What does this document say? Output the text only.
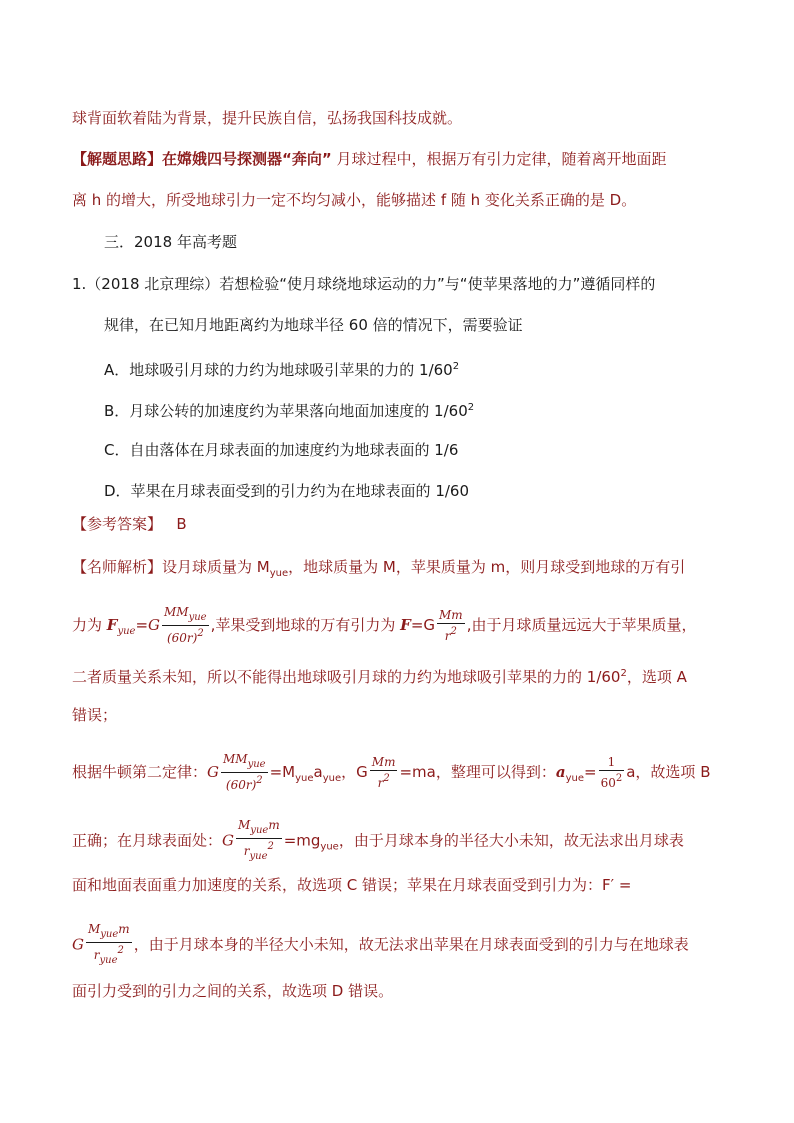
球背面软着陆为背景，提升民族自信，弘扬我国科技成就。
【解题思路】在嫦娥四号探测器“奔向” 月球过程中，根据万有引力定律，随着离开地面距
离 h 的增大，所受地球引力一定不均匀减小，能够描述 f 随 h 变化关系正确的是 D。
三．2018 年高考题
1.（2018 北京理综）若想检验“使月球绕地球运动的力”与“使苹果落地的力”遵循同样的
规律，在已知月地距离约为地球半径 60 倍的情况下，需要验证
A．地球吸引月球的力约为地球吸引苹果的力的 $1/60^2$
B．月球公转的加速度约为苹果落向地面加速度的 $1/60^2$
C．自由落体在月球表面的加速度约为地球表面的 1/6
D．苹果在月球表面受到的引力约为在地球表面的 1/60
【参考答案】 B
【名师解析】设月球质量为 $M_{yue}$，地球质量为 M，苹果质量为 m，则月球受到地球的万有引
力为 $F_{yue}=G \frac{MM_{yue}}{(60r)^2}$ ,苹果受到地球的万有引力为 $F=G \frac{Mm}{r^2}$ ,由于月球质量远远大于苹果质量，
二者质量关系未知，所以不能得出地球吸引月球的力约为地球吸引苹果的力的 $1/60^2$，选项 A
错误；
根据牛顿第二定律：G $\frac{MM_{yue}}{(60r)^2} =M_{yue}a_{yue}$，G $\frac{Mm}{r^2} =ma$，整理可以得到：$a_{yue}= \frac{1}{60^2}$ a，故选项 B
正确；在月球表面处：G $\frac{M_{yue}m}{r_{yue}^2} =mg_{yue}$，由于月球本身的半径大小未知，故无法求出月球表
面和地面表面重力加速度的关系，故选项 C 错误；苹果在月球表面受到引力为：F′ =
G $\frac{M_{yue}m}{r_{yue}^2}$ ，由于月球本身的半径大小未知，故无法求出苹果在月球表面受到的引力与在地球表
面引力受到的引力之间的关系，故选项 D 错误。
